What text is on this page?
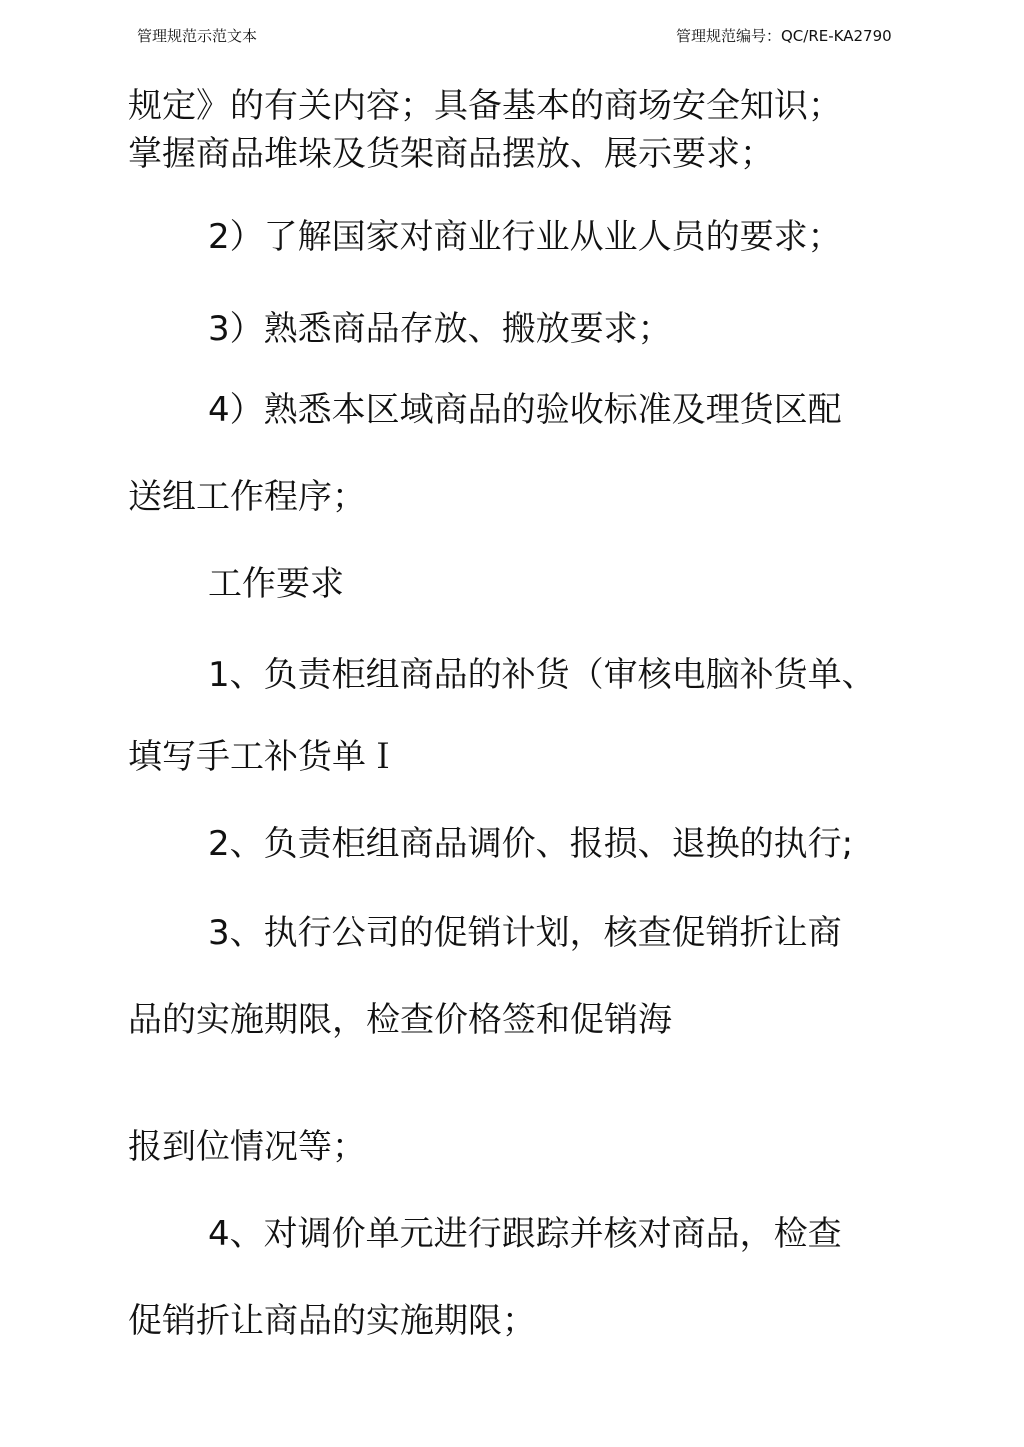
管理规范示范文本	管理规范编号：QC/RE-KA2790
规定》的有关内容；具备基本的商场安全知识；
掌握商品堆垛及货架商品摆放、展示要求；
2）了解国家对商业行业从业人员的要求；
3）熟悉商品存放、搬放要求；
4）熟悉本区域商品的验收标准及理货区配
送组工作程序；
工作要求
1、负责柜组商品的补货（审核电脑补货单、
填写手工补货单Ｉ
2、负责柜组商品调价、报损、退换的执行;
3、执行公司的促销计划，核查促销折让商
品的实施期限，检查价格签和促销海
报到位情况等；
4、对调价单元进行跟踪并核对商品，检查
促销折让商品的实施期限；
